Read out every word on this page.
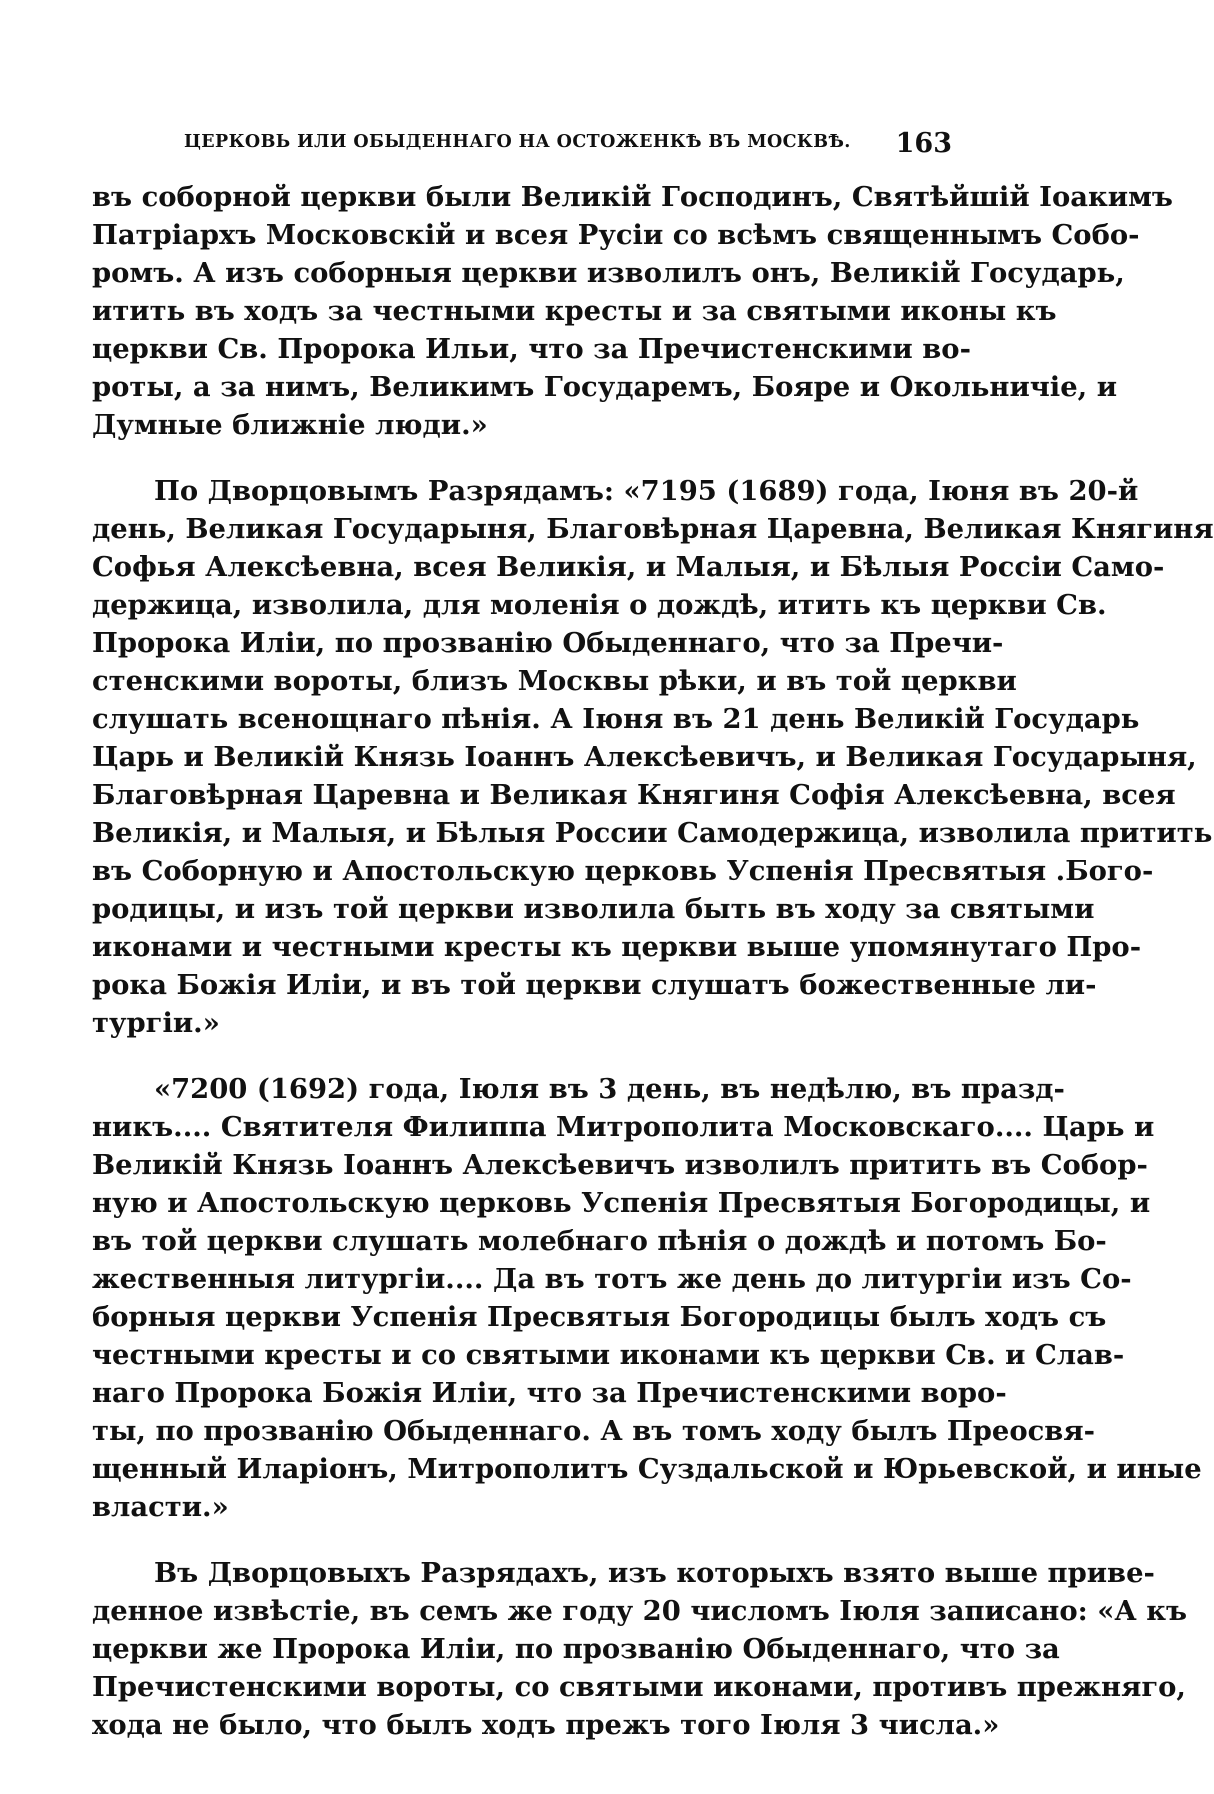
ЦЕРКОВЬ ИЛИ ОБЫДЕННАГО НА ОСТОЖЕНКѢ ВЪ МОСКВѢ. 163
въ соборной церкви были Великій Господинъ, Святѣйшій Іоакимъ
Патріархъ Московскій и всея Русіи со всѣмъ священнымъ Собо-
ромъ. А изъ соборныя церкви изволилъ онъ, Великій Государь,
итить въ ходъ за честными кресты и за святыми иконы къ
церкви Св. Пророка Ильи, что за Пречистенскими во-
роты, а за нимъ, Великимъ Государемъ, Бояре и Окольничіе, и
Думные ближніе люди.»
По Дворцовымъ Разрядамъ: «7195 (1689) года, Іюня въ 20-й
день, Великая Государыня, Благовѣрная Царевна, Великая Княгиня
Софья Алексѣевна, всея Великія, и Малыя, и Бѣлыя Россіи Само-
держица, изволила, для моленія о дождѣ, итить къ церкви Св.
Пророка Иліи, по прозванію Обыденнаго, что за Пречи-
стенскими вороты, близъ Москвы рѣки, и въ той церкви
слушать всенощнаго пѣнія. А Іюня въ 21 день Великій Государь
Царь и Великій Князь Іоаннъ Алексѣевичъ, и Великая Государыня,
Благовѣрная Царевна и Великая Княгиня Софія Алексѣевна, всея
Великія, и Малыя, и Бѣлыя России Самодержица, изволила притить
въ Соборную и Апостольскую церковь Успенія Пресвятыя .Бого-
родицы, и изъ той церкви изволила быть въ ходу за святыми
иконами и честными кресты къ церкви выше упомянутаго Про-
рока Божія Иліи, и въ той церкви слушатъ божественные ли-
тургіи.»
«7200 (1692) года, Іюля въ 3 день, въ недѣлю, въ празд-
никъ.... Святителя Филиппа Митрополита Московскаго.... Царь и
Великій Князь Іоаннъ Алексѣевичъ изволилъ притить въ Собор-
ную и Апостольскую церковь Успенія Пресвятыя Богородицы, и
въ той церкви слушать молебнаго пѣнія о дождѣ и потомъ Бо-
жественныя литургіи.... Да въ тотъ же день до литургіи изъ Со-
борныя церкви Успенія Пресвятыя Богородицы былъ ходъ съ
честными кресты и со святыми иконами къ церкви Св. и Слав-
наго Пророка Божія Иліи, что за Пречистенскими воро-
ты, по прозванію Обыденнаго. А въ томъ ходу былъ Преосвя-
щенный Иларіонъ, Митрополитъ Суздальской и Юрьевской, и иные
власти.»
Въ Дворцовыхъ Разрядахъ, изъ которыхъ взято выше приве-
денное извѣстіе, въ семъ же году 20 числомъ Іюля записано: «А къ
церкви же Пророка Иліи, по прозванію Обыденнаго, что за
Пречистенскими вороты, со святыми иконами, противъ прежняго,
хода не было, что былъ ходъ прежъ того Іюля 3 числа.»
